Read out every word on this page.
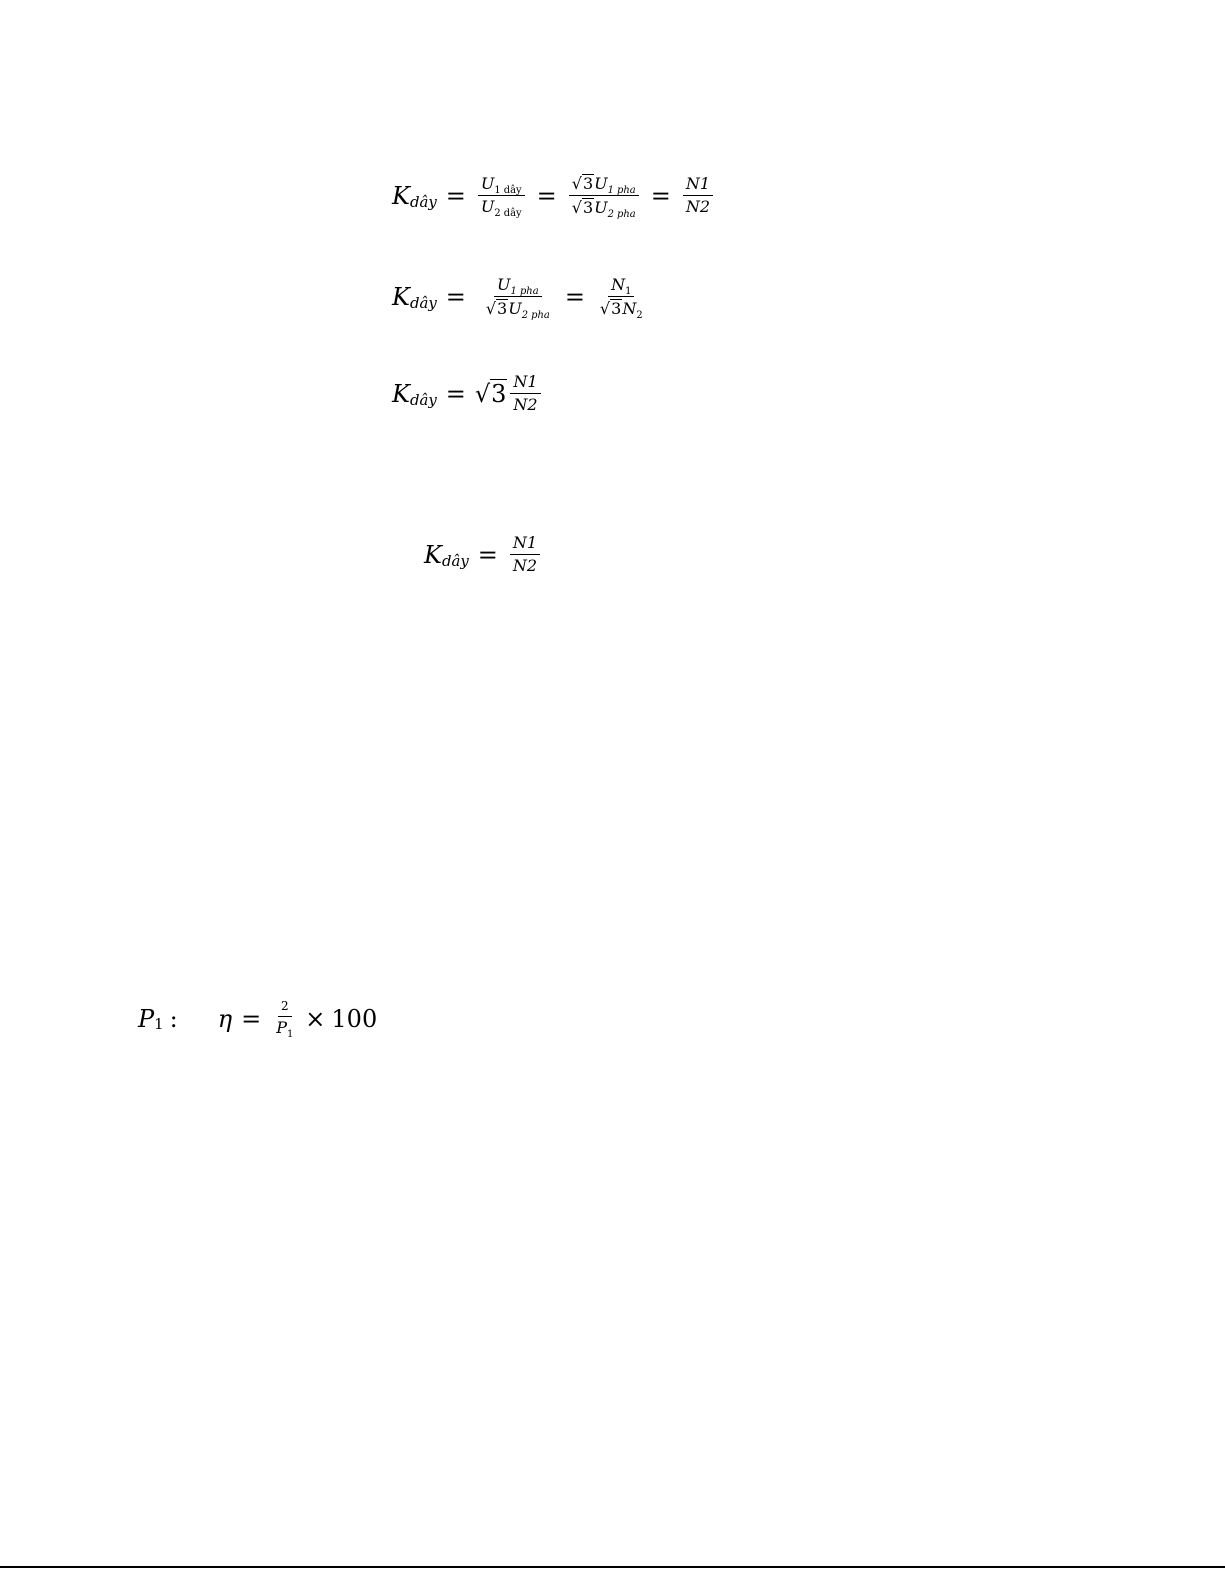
K dây = $\frac{\text{U 1 dây}}{\text{U 2 dây}} = \frac{\text{√ 3 U 1 pha}}{\text{√ 3 U 2 pha}} = \frac{N1}{N2}$
K dây = $\frac{\text{U 1 pha}}{\text{√ 3 U 2 pha}} = \frac{N 1}{√ 3 N 2}$
K dây = √ $3 \frac{N1}{N2}$
K dây = $\frac{N1}{N2}$
P 1 : $\eta = \frac{2}{P 1} \times 100$
